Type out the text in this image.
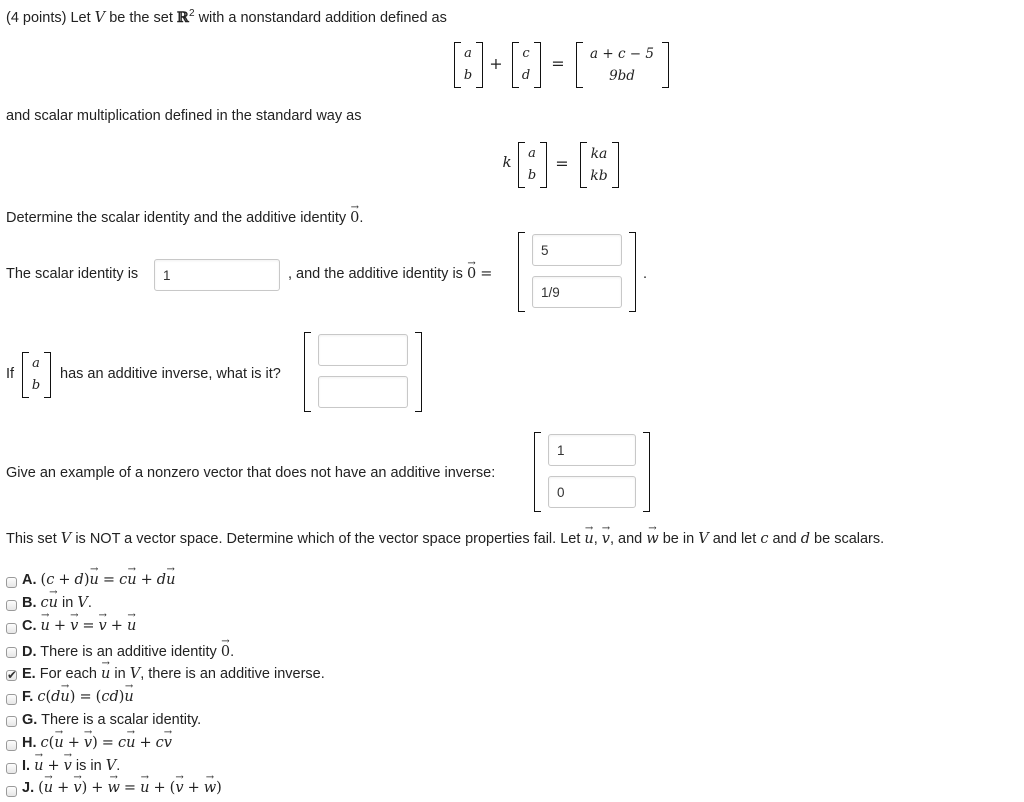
(4 points) Let V be the set ℝ$^2$ with a nonstandard addition defined as
a
b
+
c
d
=	a + c − 5
9bd
and scalar multiplication defined in the standard way as
k	a
b
=	ka
kb
Determine the scalar identity and the additive identity
→
0.
The scalar identity is	1	, and the additive identity is
→
0 =
5
1/9
.
If
a
b
has an additive inverse, what is it?
Give an example of a nonzero vector that does not have an additive inverse:
1
0
This set V is NOT a vector space. Determine which of the vector space properties fail. Let
→
u,
→
v, and
→
w be in V and let c and d be scalars.
A. (c + d)
→
u = c
→
u + d
→
u
B. c
→
u in V.
C.
→
u +
→
v =
→
v +
→
u
D. There is an additive identity
→
0.
✔ E. For each
→
u in V, there is an additive inverse.
F. c(d
→
u) = (cd)
→
u
G. There is a scalar identity.
H. c(
→
u +
→
v) = c
→
u + c
→
v
I.
→
u +
→
v is in V.
J. (
→
u +
→
v) +
→
w =
→
u + (
→
v +
→
w)
